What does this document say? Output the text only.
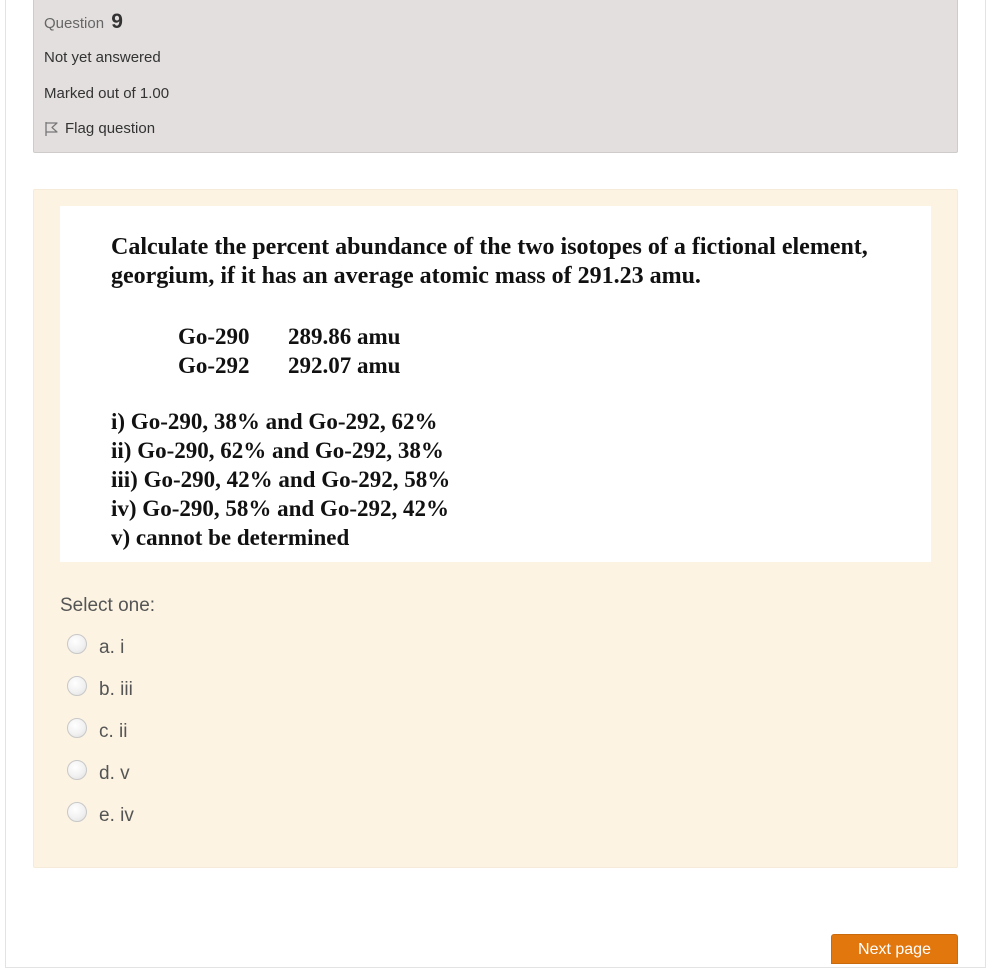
Question 9
Not yet answered
Marked out of 1.00
Flag question
Calculate the percent abundance of the two isotopes of a fictional element, georgium, if it has an average atomic mass of 291.23 amu.
Go-290	289.86 amu
Go-292	292.07 amu
i) Go-290, 38% and Go-292, 62%
ii) Go-290, 62% and Go-292, 38%
iii) Go-290, 42% and Go-292, 58%
iv) Go-290, 58% and Go-292, 42%
v) cannot be determined
Select one:
a. i
b. iii
c. ii
d. v
e. iv
Next page
